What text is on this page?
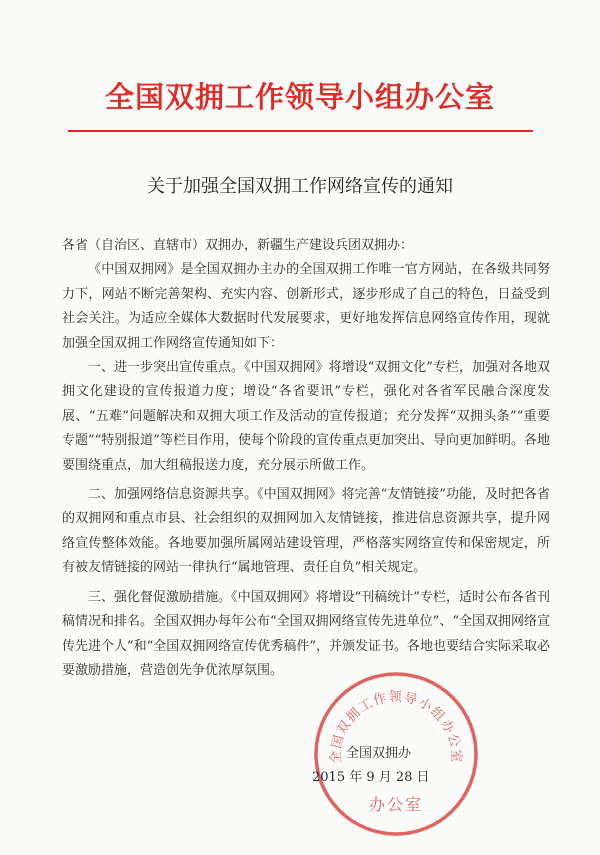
全国双拥工作领导小组办公室
关于加强全国双拥工作网络宣传的通知

各省（自治区、直辖市）双拥办，新疆生产建设兵团双拥办：

《中国双拥网》是全国双拥办主办的全国双拥工作唯一官方网站，在各级共同努力下，网站不断完善架构、充实内容、创新形式，逐步形成了自己的特色，日益受到社会关注。为适应全媒体大数据时代发展要求，更好地发挥信息网络宣传作用，现就加强全国双拥工作网络宣传通知如下：

一、进一步突出宣传重点。《中国双拥网》将增设“双拥文化”专栏，加强对各地双拥文化建设的宣传报道力度；增设“各省要讯”专栏，强化对各省军民融合深度发展、“五难”问题解决和双拥大项工作及活动的宣传报道；充分发挥“双拥头条”“重要专题”“特别报道”等栏目作用，使每个阶段的宣传重点更加突出、导向更加鲜明。各地要围绕重点，加大组稿报送力度，充分展示所做工作。

二、加强网络信息资源共享。《中国双拥网》将完善“友情链接”功能，及时把各省的双拥网和重点市县、社会组织的双拥网加入友情链接，推进信息资源共享，提升网络宣传整体效能。各地要加强所属网站建设管理，严格落实网络宣传和保密规定，所有被友情链接的网站一律执行“属地管理、责任自负”相关规定。

三、强化督促激励措施。《中国双拥网》将增设“刊稿统计”专栏，适时公布各省刊稿情况和排名。全国双拥办每年公布“全国双拥网络宣传先进单位”、“全国双拥网络宣传先进个人”和“全国双拥网络宣传优秀稿件”，并颁发证书。各地也要结合实际采取必要激励措施，营造创先争优浓厚氛围。

全国双拥工作领导小组办公室
办公室
全国双拥办
2015 年 9 月 28 日
